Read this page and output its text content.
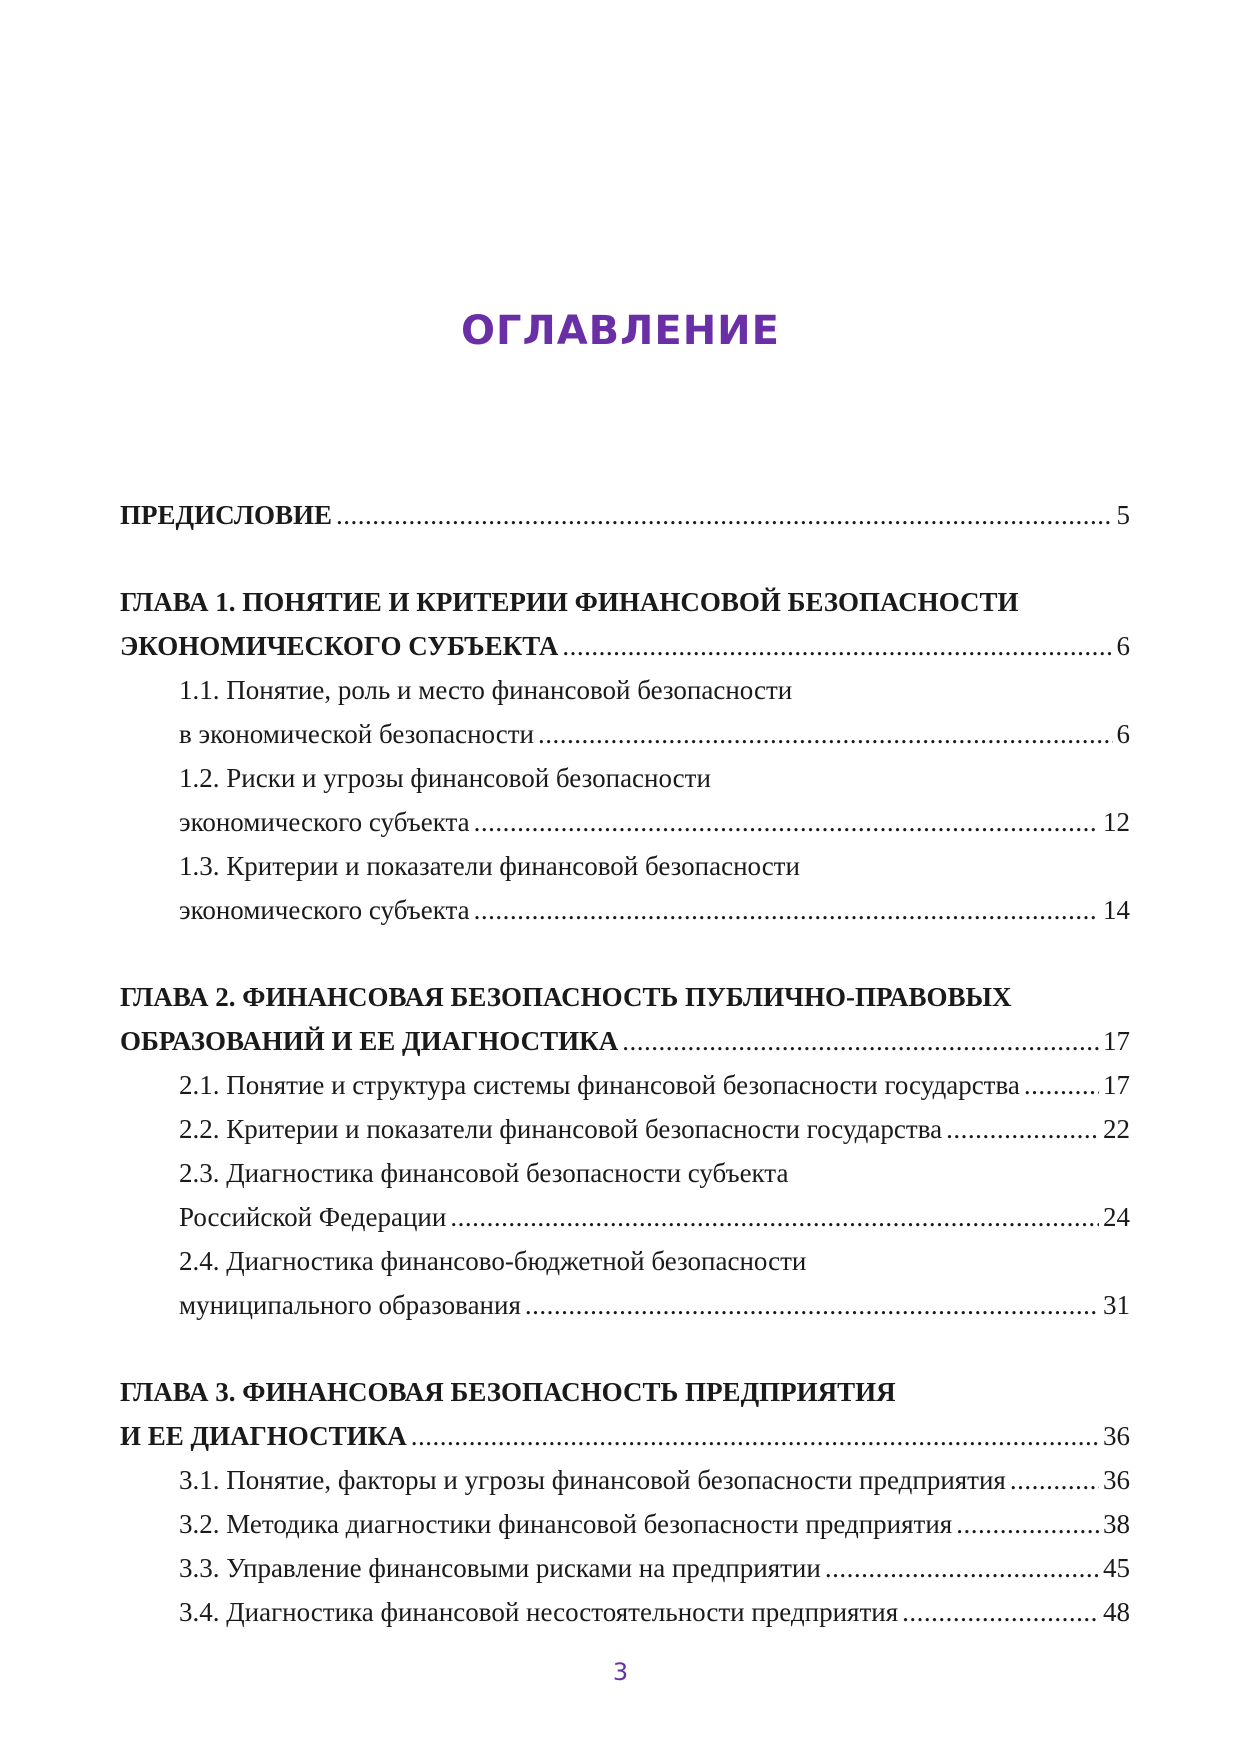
ОГЛАВЛЕНИЕ
ПРЕДИСЛОВИЕ .....	5
ГЛАВА 1. ПОНЯТИЕ И КРИТЕРИИ ФИНАНСОВОЙ БЕЗОПАСНОСТИ
ЭКОНОМИЧЕСКОГО СУБЪЕКТА .....	6
1.1. Понятие, роль и место финансовой безопасности
в экономической безопасности .....	6
1.2. Риски и угрозы финансовой безопасности
экономического субъекта .....	12
1.3. Критерии и показатели финансовой безопасности
экономического субъекта .....	14
ГЛАВА 2. ФИНАНСОВАЯ БЕЗОПАСНОСТЬ ПУБЛИЧНО-ПРАВОВЫХ
ОБРАЗОВАНИЙ И ЕЕ ДИАГНОСТИКА .....	17
2.1. Понятие и структура системы финансовой безопасности государства .....	17
2.2. Критерии и показатели финансовой безопасности государства .....	22
2.3. Диагностика финансовой безопасности субъекта
Российской Федерации .....	24
2.4. Диагностика финансово-бюджетной безопасности
муниципального образования .....	31
ГЛАВА 3. ФИНАНСОВАЯ БЕЗОПАСНОСТЬ ПРЕДПРИЯТИЯ
И ЕЕ ДИАГНОСТИКА .....	36
3.1. Понятие, факторы и угрозы финансовой безопасности предприятия .....	36
3.2. Методика диагностики финансовой безопасности предприятия .....	38
3.3. Управление финансовыми рисками на предприятии .....	45
3.4. Диагностика финансовой несостоятельности предприятия .....	48
3
